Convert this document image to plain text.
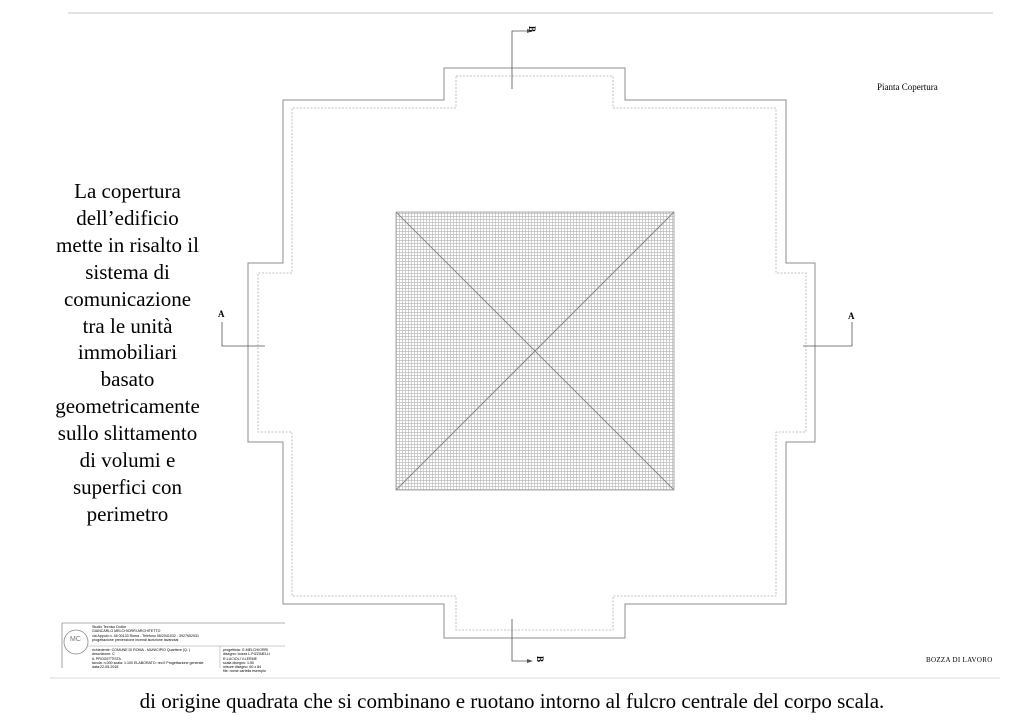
Pianta Copertura
B
B
A	A
La copertura
dell’edificio
mette in risalto il
sistema di
comunicazione
tra le unità
immobiliari
basato
geometricamente
sullo slittamento
di volumi e
superfici con
perimetro
di origine quadrata che si combinano e ruotano intorno al fulcro centrale del corpo scala.
BOZZA DI LAVORO
MC
Studio Tecnico Dottor
GIANCARLO MELCHIORRI ARCHITETTO
via Appulo n. 48 00133 Roma - Telefono 06/2041032 - 3927652931
progettazione prevenzione incendi iscrizione tavanotai
richiedente: COMUNE DI ROMA - MUNICIPIO Quartiere (Q. )
descrizione: C
IL PROGETTISTA
tavola: n.000 scala: 1:100 ELABORATO: rev.0 Progettazione generale
data:22-05-2018
progettista: G.MELCHIORRI
disegno: bozza L.PIZZINELLI
R.LUCIOLI V.LERME
scala disegno: 1:50
misure disegno: 60 x 84
file: nome cartella esempio
